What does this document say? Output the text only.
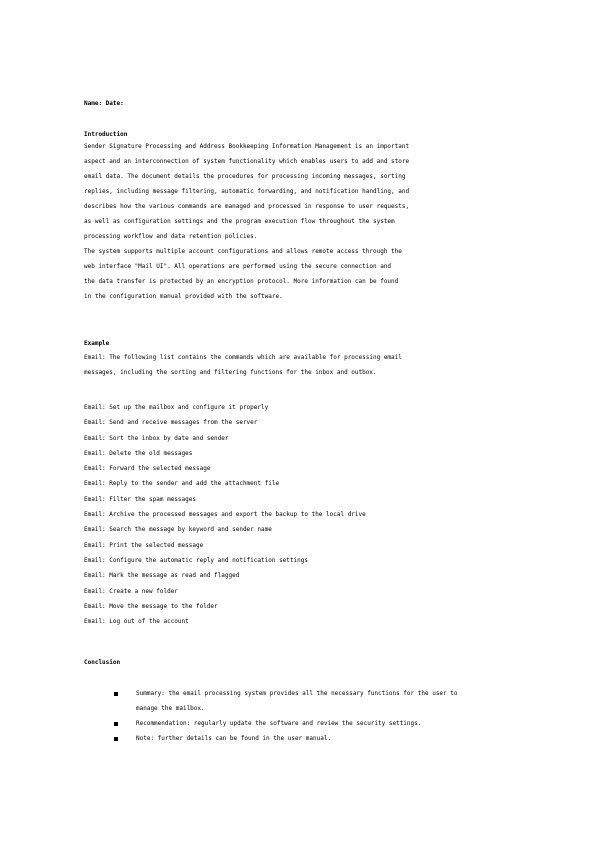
Name: Date:
Introduction
Sender Signature Processing and Address Bookkeeping Information Management is an important
aspect and an interconnection of system functionality which enables users to add and store
email data. The document details the procedures for processing incoming messages, sorting
replies, including message filtering, automatic forwarding, and notification handling, and
describes how the various commands are managed and processed in response to user requests,
as well as configuration settings and the program execution flow throughout the system
processing workflow and data retention policies.
The system supports multiple account configurations and allows remote access through the
web interface "Mail UI". All operations are performed using the secure connection and
the data transfer is protected by an encryption protocol. More information can be found
in the configuration manual provided with the software.
Example
Email: The following list contains the commands which are available for processing email
messages, including the sorting and filtering functions for the inbox and outbox.
Email: Set up the mailbox and configure it properly
Email: Send and receive messages from the server
Email: Sort the inbox by date and sender
Email: Delete the old messages
Email: Forward the selected message
Email: Reply to the sender and add the attachment file
Email: Filter the spam messages
Email: Archive the processed messages and export the backup to the local drive
Email: Search the message by keyword and sender name
Email: Print the selected message
Email: Configure the automatic reply and notification settings
Email: Mark the message as read and flagged
Email: Create a new folder
Email: Move the message to the folder
Email: Log out of the account
Conclusion
Summary: the email processing system provides all the necessary functions for the user to
manage the mailbox.
Recommendation: regularly update the software and review the security settings.
Note: further details can be found in the user manual.
